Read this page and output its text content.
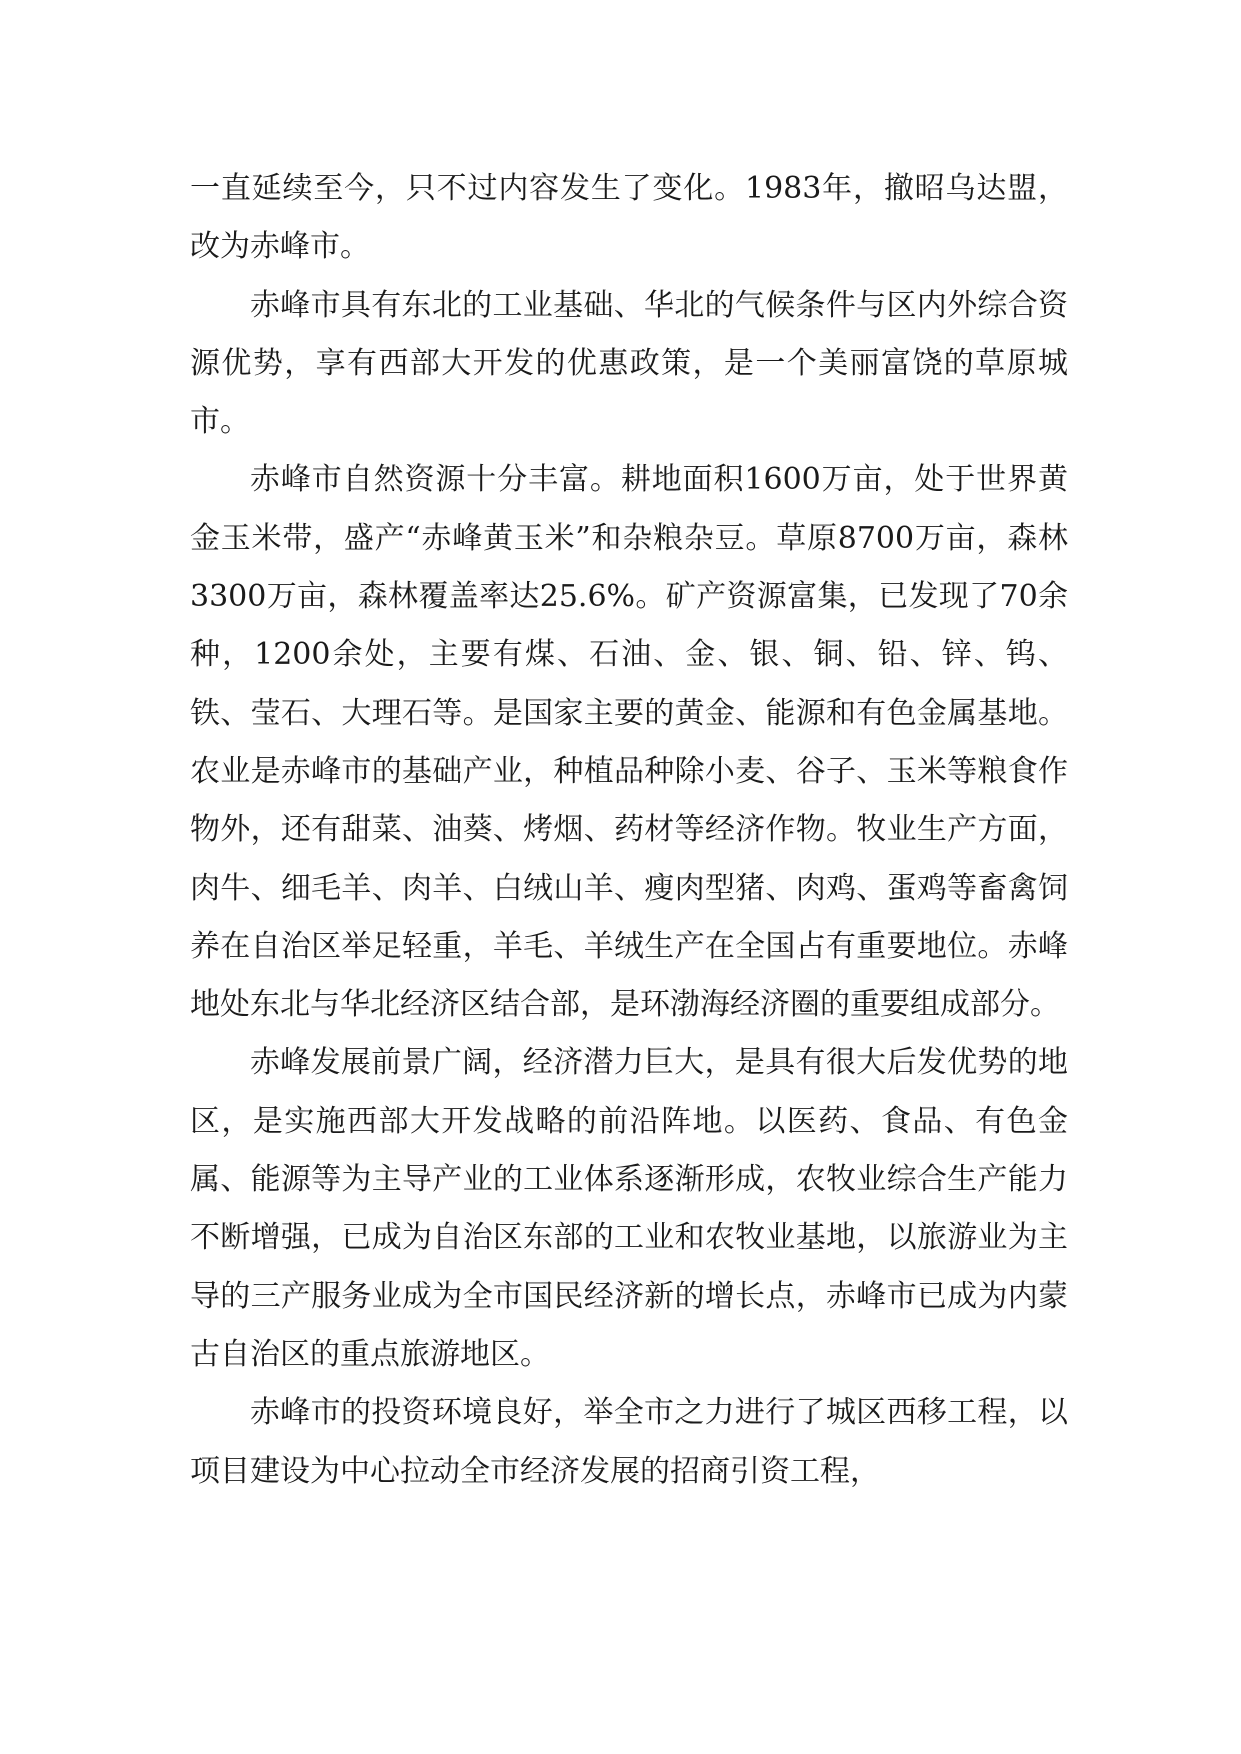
一直延续至今，只不过内容发生了变化。1983年，撤昭乌达盟，改为赤峰市。

赤峰市具有东北的工业基础、华北的气候条件与区内外综合资源优势，享有西部大开发的优惠政策，是一个美丽富饶的草原城市。

赤峰市自然资源十分丰富。耕地面积1600万亩，处于世界黄金玉米带，盛产“赤峰黄玉米”和杂粮杂豆。草原8700万亩，森林3300万亩，森林覆盖率达25.6%。矿产资源富集，已发现了70余种，1200余处，主要有煤、石油、金、银、铜、铅、锌、钨、铁、莹石、大理石等。是国家主要的黄金、能源和有色金属基地。农业是赤峰市的基础产业，种植品种除小麦、谷子、玉米等粮食作物外，还有甜菜、油葵、烤烟、药材等经济作物。牧业生产方面，肉牛、细毛羊、肉羊、白绒山羊、瘦肉型猪、肉鸡、蛋鸡等畜禽饲养在自治区举足轻重，羊毛、羊绒生产在全国占有重要地位。赤峰地处东北与华北经济区结合部，是环渤海经济圈的重要组成部分。

赤峰发展前景广阔，经济潜力巨大，是具有很大后发优势的地区，是实施西部大开发战略的前沿阵地。以医药、食品、有色金属、能源等为主导产业的工业体系逐渐形成，农牧业综合生产能力不断增强，已成为自治区东部的工业和农牧业基地，以旅游业为主导的三产服务业成为全市国民经济新的增长点，赤峰市已成为内蒙古自治区的重点旅游地区。

赤峰市的投资环境良好，举全市之力进行了城区西移工程，以项目建设为中心拉动全市经济发展的招商引资工程，
